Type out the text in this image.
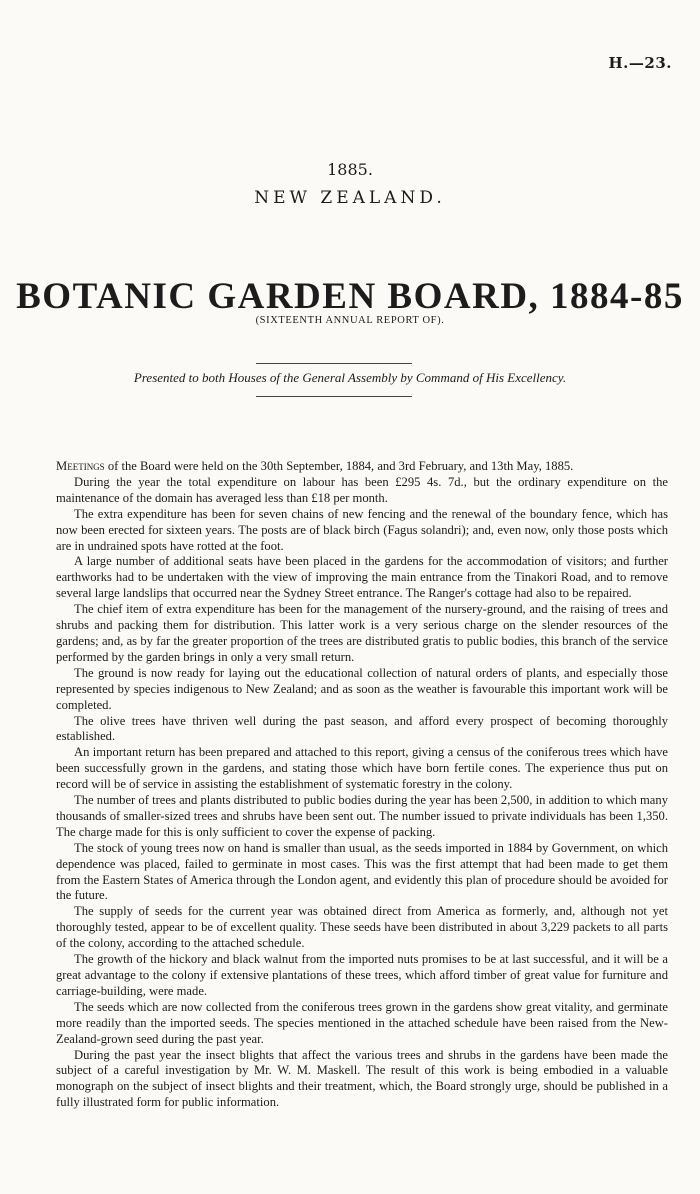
H.—23.
1885.
NEW ZEALAND.
BOTANIC GARDEN BOARD, 1884-85
(SIXTEENTH ANNUAL REPORT OF).
Presented to both Houses of the General Assembly by Command of His Excellency.

Meetings of the Board were held on the 30th September, 1884, and 3rd February, and 13th May, 1885.

During the year the total expenditure on labour has been £295 4s. 7d., but the ordinary expenditure on the maintenance of the domain has averaged less than £18 per month.

The extra expenditure has been for seven chains of new fencing and the renewal of the boundary fence, which has now been erected for sixteen years. The posts are of black birch (Fagus solandri); and, even now, only those posts which are in undrained spots have rotted at the foot.

A large number of additional seats have been placed in the gardens for the accommodation of visitors; and further earthworks had to be undertaken with the view of improving the main entrance from the Tinakori Road, and to remove several large landslips that occurred near the Sydney Street entrance. The Ranger's cottage had also to be repaired.

The chief item of extra expenditure has been for the management of the nursery-ground, and the raising of trees and shrubs and packing them for distribution. This latter work is a very serious charge on the slender resources of the gardens; and, as by far the greater proportion of the trees are distributed gratis to public bodies, this branch of the service performed by the garden brings in only a very small return.

The ground is now ready for laying out the educational collection of natural orders of plants, and especially those represented by species indigenous to New Zealand; and as soon as the weather is favourable this important work will be completed.

The olive trees have thriven well during the past season, and afford every prospect of becoming thoroughly established.

An important return has been prepared and attached to this report, giving a census of the coniferous trees which have been successfully grown in the gardens, and stating those which have born fertile cones. The experience thus put on record will be of service in assisting the establishment of systematic forestry in the colony.

The number of trees and plants distributed to public bodies during the year has been 2,500, in addition to which many thousands of smaller-sized trees and shrubs have been sent out. The number issued to private individuals has been 1,350. The charge made for this is only sufficient to cover the expense of packing.

The stock of young trees now on hand is smaller than usual, as the seeds imported in 1884 by Government, on which dependence was placed, failed to germinate in most cases. This was the first attempt that had been made to get them from the Eastern States of America through the London agent, and evidently this plan of procedure should be avoided for the future.

The supply of seeds for the current year was obtained direct from America as formerly, and, although not yet thoroughly tested, appear to be of excellent quality. These seeds have been distributed in about 3,229 packets to all parts of the colony, according to the attached schedule.

The growth of the hickory and black walnut from the imported nuts promises to be at last successful, and it will be a great advantage to the colony if extensive plantations of these trees, which afford timber of great value for furniture and carriage-building, were made.

The seeds which are now collected from the coniferous trees grown in the gardens show great vitality, and germinate more readily than the imported seeds. The species mentioned in the attached schedule have been raised from the New-Zealand-grown seed during the past year.

During the past year the insect blights that affect the various trees and shrubs in the gardens have been made the subject of a careful investigation by Mr. W. M. Maskell. The result of this work is being embodied in a valuable monograph on the subject of insect blights and their treatment, which, the Board strongly urge, should be published in a fully illustrated form for public information.
